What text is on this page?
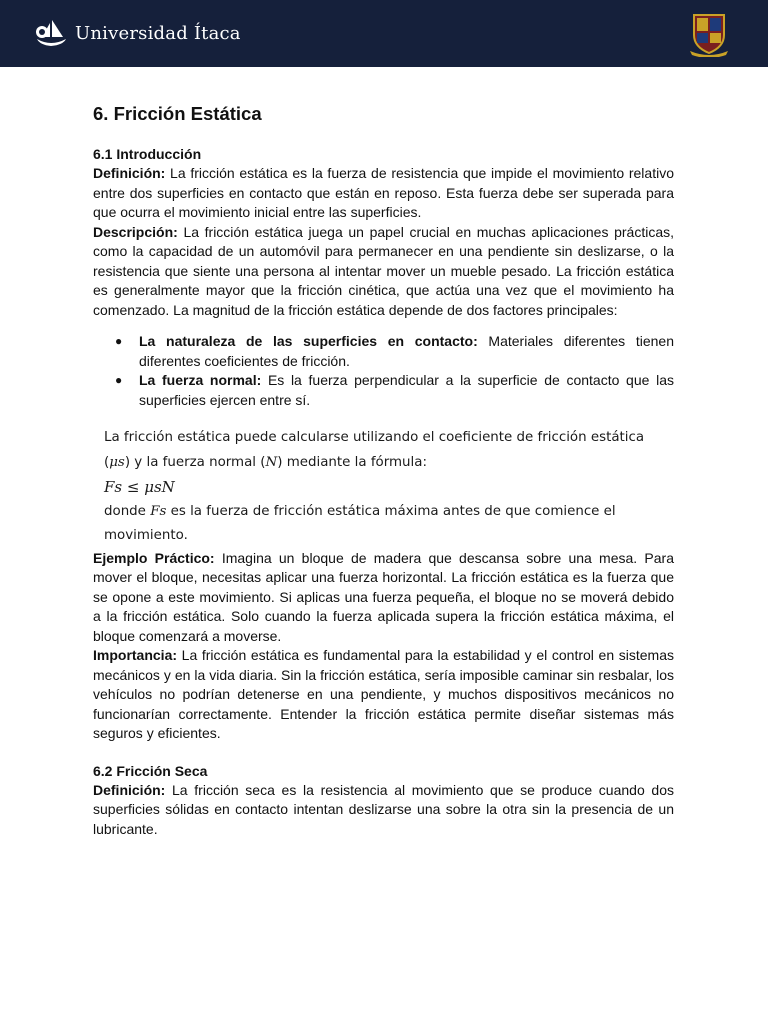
Universidad Ítaca
6. Fricción Estática
6.1 Introducción

Definición: La fricción estática es la fuerza de resistencia que impide el movimiento relativo entre dos superficies en contacto que están en reposo. Esta fuerza debe ser superada para que ocurra el movimiento inicial entre las superficies.

Descripción: La fricción estática juega un papel crucial en muchas aplicaciones prácticas, como la capacidad de un automóvil para permanecer en una pendiente sin deslizarse, o la resistencia que siente una persona al intentar mover un mueble pesado. La fricción estática es generalmente mayor que la fricción cinética, que actúa una vez que el movimiento ha comenzado. La magnitud de la fricción estática depende de dos factores principales:

● La naturaleza de las superficies en contacto: Materiales diferentes tienen diferentes coeficientes de fricción.
● La fuerza normal: Es la fuerza perpendicular a la superficie de contacto que las superficies ejercen entre sí.
La fricción estática puede calcularse utilizando el coeficiente de fricción estática
(μs) y la fuerza normal (N) mediante la fórmula:
Fs ≤ μsN
donde Fs es la fuerza de fricción estática máxima antes de que comience el
movimiento.

Ejemplo Práctico: Imagina un bloque de madera que descansa sobre una mesa. Para mover el bloque, necesitas aplicar una fuerza horizontal. La fricción estática es la fuerza que se opone a este movimiento. Si aplicas una fuerza pequeña, el bloque no se moverá debido a la fricción estática. Solo cuando la fuerza aplicada supera la fricción estática máxima, el bloque comenzará a moverse.

Importancia: La fricción estática es fundamental para la estabilidad y el control en sistemas mecánicos y en la vida diaria. Sin la fricción estática, sería imposible caminar sin resbalar, los vehículos no podrían detenerse en una pendiente, y muchos dispositivos mecánicos no funcionarían correctamente. Entender la fricción estática permite diseñar sistemas más seguros y eficientes.

6.2 Fricción Seca

Definición: La fricción seca es la resistencia al movimiento que se produce cuando dos superficies sólidas en contacto intentan deslizarse una sobre la otra sin la presencia de un lubricante.
